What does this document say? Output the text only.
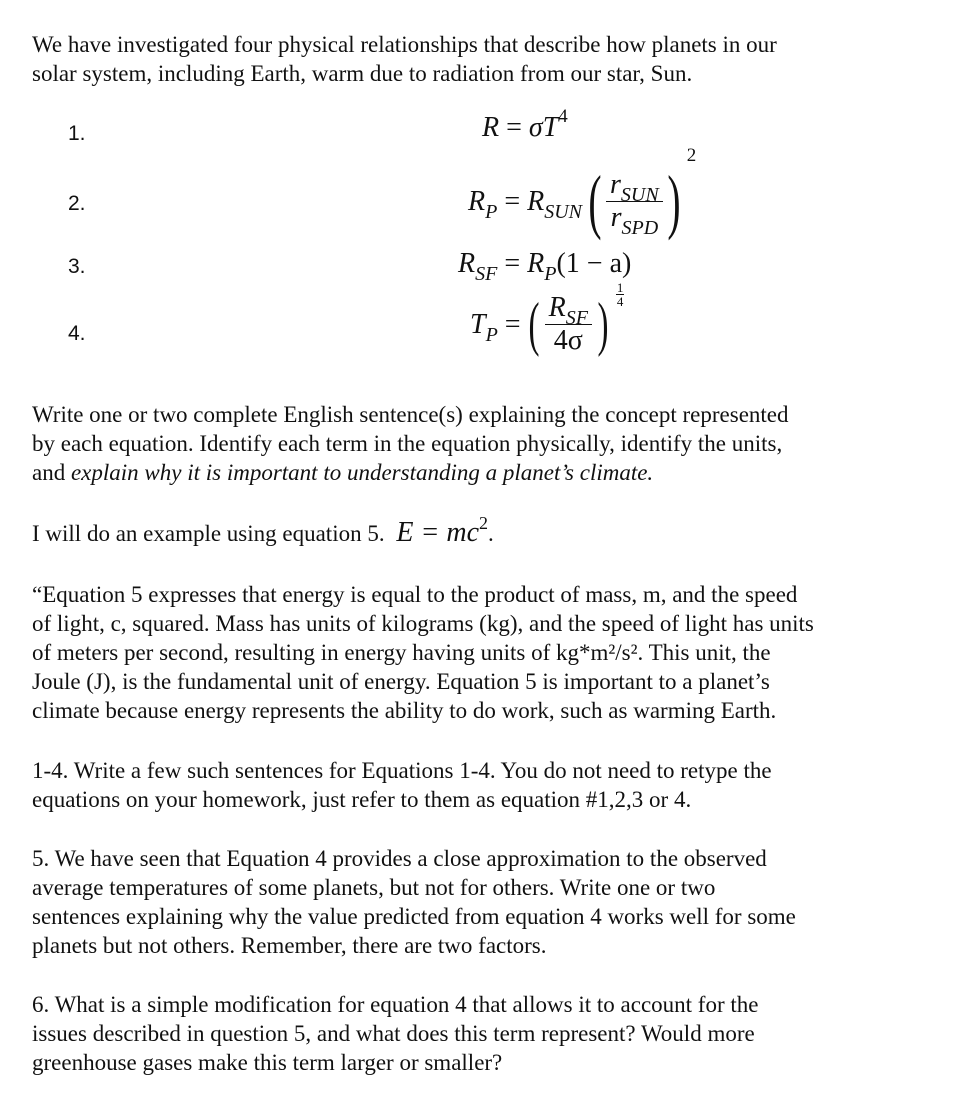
We have investigated four physical relationships that describe how planets in our
solar system, including Earth, warm due to radiation from our star, Sun.

1.
2.
3.
4.
$R = \sigma T^4$
$R_P = R_{SUN}$ ( $\frac{r_{SUN}}{r_{SPD}}$ ) $^2$
$R_{SF} = R_P(1 - a)$
$T_P$ = ( $\frac{R_{SF}}{4\sigma}$ ) $\frac{1}{4}$

Write one or two complete English sentence(s) explaining the concept represented
by each equation. Identify each term in the equation physically, identify the units,
and explain why it is important to understanding a planet’s climate.

I will do an example using equation 5. $E = mc^2$.

“Equation 5 expresses that energy is equal to the product of mass, m, and the speed
of light, c, squared. Mass has units of kilograms (kg), and the speed of light has units
of meters per second, resulting in energy having units of kg*m²/s². This unit, the
Joule (J), is the fundamental unit of energy. Equation 5 is important to a planet’s
climate because energy represents the ability to do work, such as warming Earth.

1-4. Write a few such sentences for Equations 1-4. You do not need to retype the
equations on your homework, just refer to them as equation #1,2,3 or 4.

5. We have seen that Equation 4 provides a close approximation to the observed
average temperatures of some planets, but not for others. Write one or two
sentences explaining why the value predicted from equation 4 works well for some
planets but not others. Remember, there are two factors.

6. What is a simple modification for equation 4 that allows it to account for the
issues described in question 5, and what does this term represent? Would more
greenhouse gases make this term larger or smaller?
